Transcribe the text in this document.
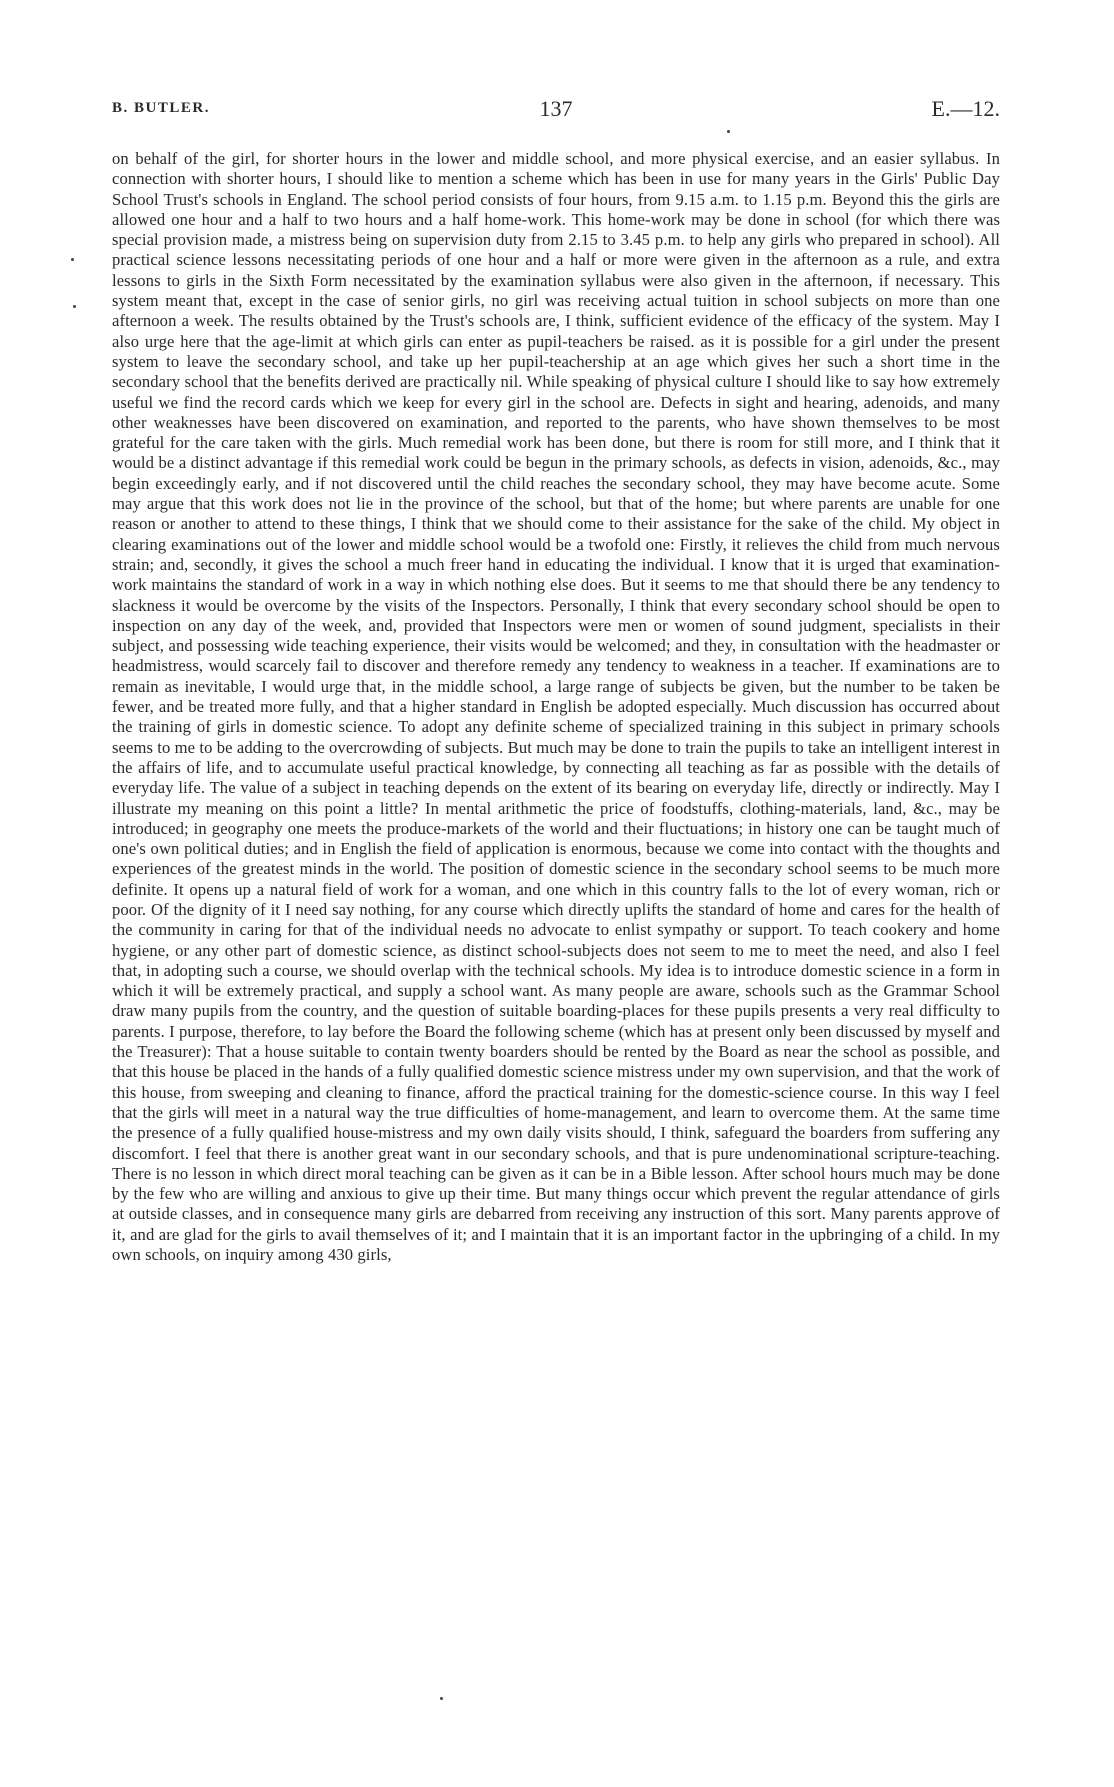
B. BUTLER.	137	E.—12.

on behalf of the girl, for shorter hours in the lower and middle school, and more physical exercise, and an easier syllabus. In connection with shorter hours, I should like to mention a scheme which has been in use for many years in the Girls' Public Day School Trust's schools in England. The school period consists of four hours, from 9.15 a.m. to 1.15 p.m. Beyond this the girls are allowed one hour and a half to two hours and a half home-work. This home-work may be done in school (for which there was special provision made, a mistress being on supervision duty from 2.15 to 3.45 p.m. to help any girls who prepared in school). All practical science lessons necessitating periods of one hour and a half or more were given in the afternoon as a rule, and extra lessons to girls in the Sixth Form necessitated by the examination syllabus were also given in the afternoon, if necessary. This system meant that, except in the case of senior girls, no girl was receiving actual tuition in school subjects on more than one afternoon a week. The results obtained by the Trust's schools are, I think, sufficient evidence of the efficacy of the system. May I also urge here that the age-limit at which girls can enter as pupil-teachers be raised. as it is possible for a girl under the present system to leave the secondary school, and take up her pupil-teachership at an age which gives her such a short time in the secondary school that the benefits derived are practically nil. While speaking of physical culture I should like to say how extremely useful we find the record cards which we keep for every girl in the school are. Defects in sight and hearing, adenoids, and many other weaknesses have been discovered on examination, and reported to the parents, who have shown themselves to be most grateful for the care taken with the girls. Much remedial work has been done, but there is room for still more, and I think that it would be a distinct advantage if this remedial work could be begun in the primary schools, as defects in vision, adenoids, &c., may begin exceedingly early, and if not discovered until the child reaches the secondary school, they may have become acute. Some may argue that this work does not lie in the province of the school, but that of the home; but where parents are unable for one reason or another to attend to these things, I think that we should come to their assistance for the sake of the child. My object in clearing examinations out of the lower and middle school would be a twofold one: Firstly, it relieves the child from much nervous strain; and, secondly, it gives the school a much freer hand in educating the individual. I know that it is urged that examination-work maintains the standard of work in a way in which nothing else does. But it seems to me that should there be any tendency to slackness it would be overcome by the visits of the Inspectors. Personally, I think that every secondary school should be open to inspection on any day of the week, and, provided that Inspectors were men or women of sound judgment, specialists in their subject, and possessing wide teaching experience, their visits would be welcomed; and they, in consultation with the headmaster or headmistress, would scarcely fail to discover and therefore remedy any tendency to weakness in a teacher. If examinations are to remain as inevitable, I would urge that, in the middle school, a large range of subjects be given, but the number to be taken be fewer, and be treated more fully, and that a higher standard in English be adopted especially. Much discussion has occurred about the training of girls in domestic science. To adopt any definite scheme of specialized training in this subject in primary schools seems to me to be adding to the overcrowding of subjects. But much may be done to train the pupils to take an intelligent interest in the affairs of life, and to accumulate useful practical knowledge, by connecting all teaching as far as possible with the details of everyday life. The value of a subject in teaching depends on the extent of its bearing on everyday life, directly or indirectly. May I illustrate my meaning on this point a little? In mental arithmetic the price of foodstuffs, clothing-materials, land, &c., may be introduced; in geography one meets the produce-markets of the world and their fluctuations; in history one can be taught much of one's own political duties; and in English the field of application is enormous, because we come into contact with the thoughts and experiences of the greatest minds in the world. The position of domestic science in the secondary school seems to be much more definite. It opens up a natural field of work for a woman, and one which in this country falls to the lot of every woman, rich or poor. Of the dignity of it I need say nothing, for any course which directly uplifts the standard of home and cares for the health of the community in caring for that of the individual needs no advocate to enlist sympathy or support. To teach cookery and home hygiene, or any other part of domestic science, as distinct school-subjects does not seem to me to meet the need, and also I feel that, in adopting such a course, we should overlap with the technical schools. My idea is to introduce domestic science in a form in which it will be extremely practical, and supply a school want. As many people are aware, schools such as the Grammar School draw many pupils from the country, and the question of suitable boarding-places for these pupils presents a very real difficulty to parents. I purpose, therefore, to lay before the Board the following scheme (which has at present only been discussed by myself and the Treasurer): That a house suitable to contain twenty boarders should be rented by the Board as near the school as possible, and that this house be placed in the hands of a fully qualified domestic science mistress under my own supervision, and that the work of this house, from sweeping and cleaning to finance, afford the practical training for the domestic-science course. In this way I feel that the girls will meet in a natural way the true difficulties of home-management, and learn to overcome them. At the same time the presence of a fully qualified house-mistress and my own daily visits should, I think, safeguard the boarders from suffering any discomfort. I feel that there is another great want in our secondary schools, and that is pure undenominational scripture-teaching. There is no lesson in which direct moral teaching can be given as it can be in a Bible lesson. After school hours much may be done by the few who are willing and anxious to give up their time. But many things occur which prevent the regular attendance of girls at outside classes, and in consequence many girls are debarred from receiving any instruction of this sort. Many parents approve of it, and are glad for the girls to avail themselves of it; and I maintain that it is an important factor in the upbringing of a child. In my own schools, on inquiry among 430 girls,
